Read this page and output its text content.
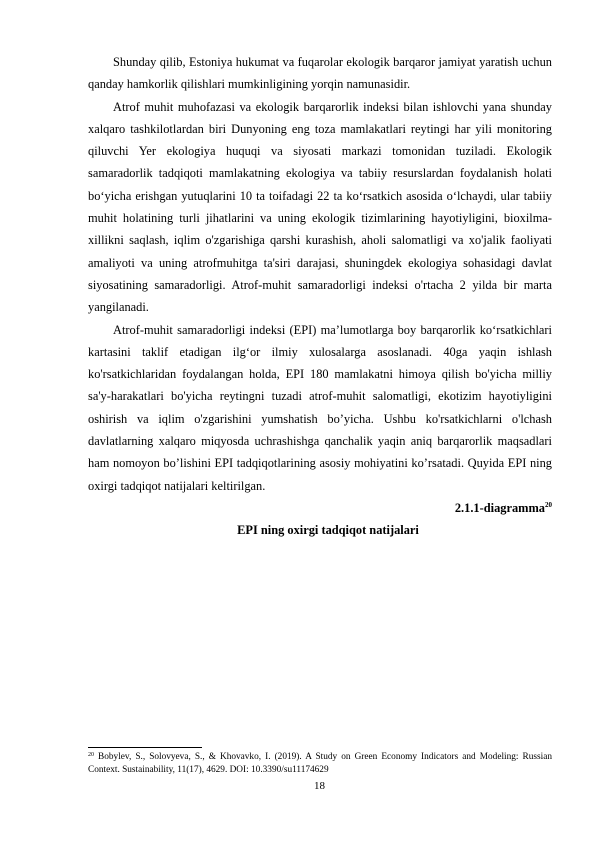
Shunday qilib, Estoniya hukumat va fuqarolar ekologik barqaror jamiyat yaratish uchun qanday hamkorlik qilishlari mumkinligining yorqin namunasidir.

Atrof muhit muhofazasi va ekologik barqarorlik indeksi bilan ishlovchi yana shunday xalqaro tashkilotlardan biri Dunyoning eng toza mamlakatlari reytingi har yili monitoring qiluvchi Yer ekologiya huquqi va siyosati markazi tomonidan tuziladi. Ekologik samaradorlik tadqiqoti mamlakatning ekologiya va tabiiy resurslardan foydalanish holati bo‘yicha erishgan yutuqlarini 10 ta toifadagi 22 ta ko‘rsatkich asosida o‘lchaydi, ular tabiiy muhit holatining turli jihatlarini va uning ekologik tizimlarining hayotiyligini, bioxilma-xillikni saqlash, iqlim o'zgarishiga qarshi kurashish, aholi salomatligi va xo'jalik faoliyati amaliyoti va uning atrofmuhitga ta'siri darajasi, shuningdek ekologiya sohasidagi davlat siyosatining samaradorligi. Atrof-muhit samaradorligi indeksi o'rtacha 2 yilda bir marta yangilanadi.

Atrof-muhit samaradorligi indeksi (EPI) ma’lumotlarga boy barqarorlik ko‘rsatkichlari kartasini taklif etadigan ilg‘or ilmiy xulosalarga asoslanadi. 40ga yaqin ishlash ko'rsatkichlaridan foydalangan holda, EPI 180 mamlakatni himoya qilish bo'yicha milliy sa'y-harakatlari bo'yicha reytingni tuzadi atrof-muhit salomatligi, ekotizim hayotiyligini oshirish va iqlim o'zgarishini yumshatish bo’yicha. Ushbu ko'rsatkichlarni o'lchash davlatlarning xalqaro miqyosda uchrashishga qanchalik yaqin aniq barqarorlik maqsadlari ham nomoyon bo’lishini EPI tadqiqotlarining asosiy mohiyatini ko’rsatadi. Quyida EPI ning oxirgi tadqiqot natijalari keltirilgan.

2.1.1-diagramma$^{20}$

EPI ning oxirgi tadqiqot natijalari

$^{20}$ Bobylev, S., Solovyeva, S., & Khovavko, I. (2019). A Study on Green Economy Indicators and Modeling: Russian Context. Sustainability, 11(17), 4629. DOI: 10.3390/su11174629

18
